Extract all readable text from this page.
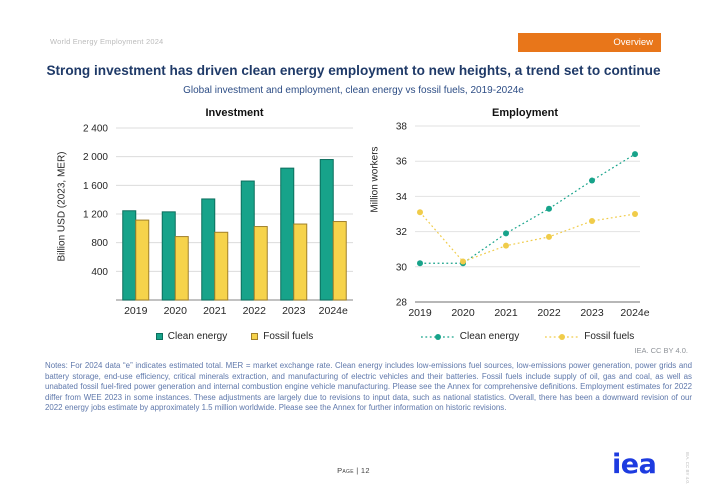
World Energy Employment 2024	Overview
Strong investment has driven clean energy employment to new heights, a trend set to continue
Global investment and employment, clean energy vs fossil fuels, 2019-2024e
Investment
Billion USD (2023, MER)
400
800
1 200
1 600
2 000
2 400
2019 2020 2021 2022 2023 2024e
Clean energy	Fossil fuels
Employment
Million workers
28
30
32
34
36
38
2019 2020 2021 2022 2023 2024e
Clean energy	Fossil fuels
IEA. CC BY 4.0.
Notes: For 2024 data “e” indicates estimated total. MER = market exchange rate. Clean energy includes low-emissions fuel sources, low-emissions power generation, power grids and battery storage, end-use efficiency, critical minerals extraction, and manufacturing of electric vehicles and their batteries. Fossil fuels include supply of oil, gas and coal, as well as unabated fossil fuel-fired power generation and internal combustion engine vehicle manufacturing. Please see the Annex for comprehensive definitions. Employment estimates for 2022 differ from WEE 2023 in some instances. These adjustments are largely due to revisions to input data, such as national statistics. Overall, there has been a downward revision of our 2022 energy jobs estimate by approximately 1.5 million worldwide. Please see the Annex for further information on historic revisions.
Page | 12	iea	IEA. CC BY 4.0.
